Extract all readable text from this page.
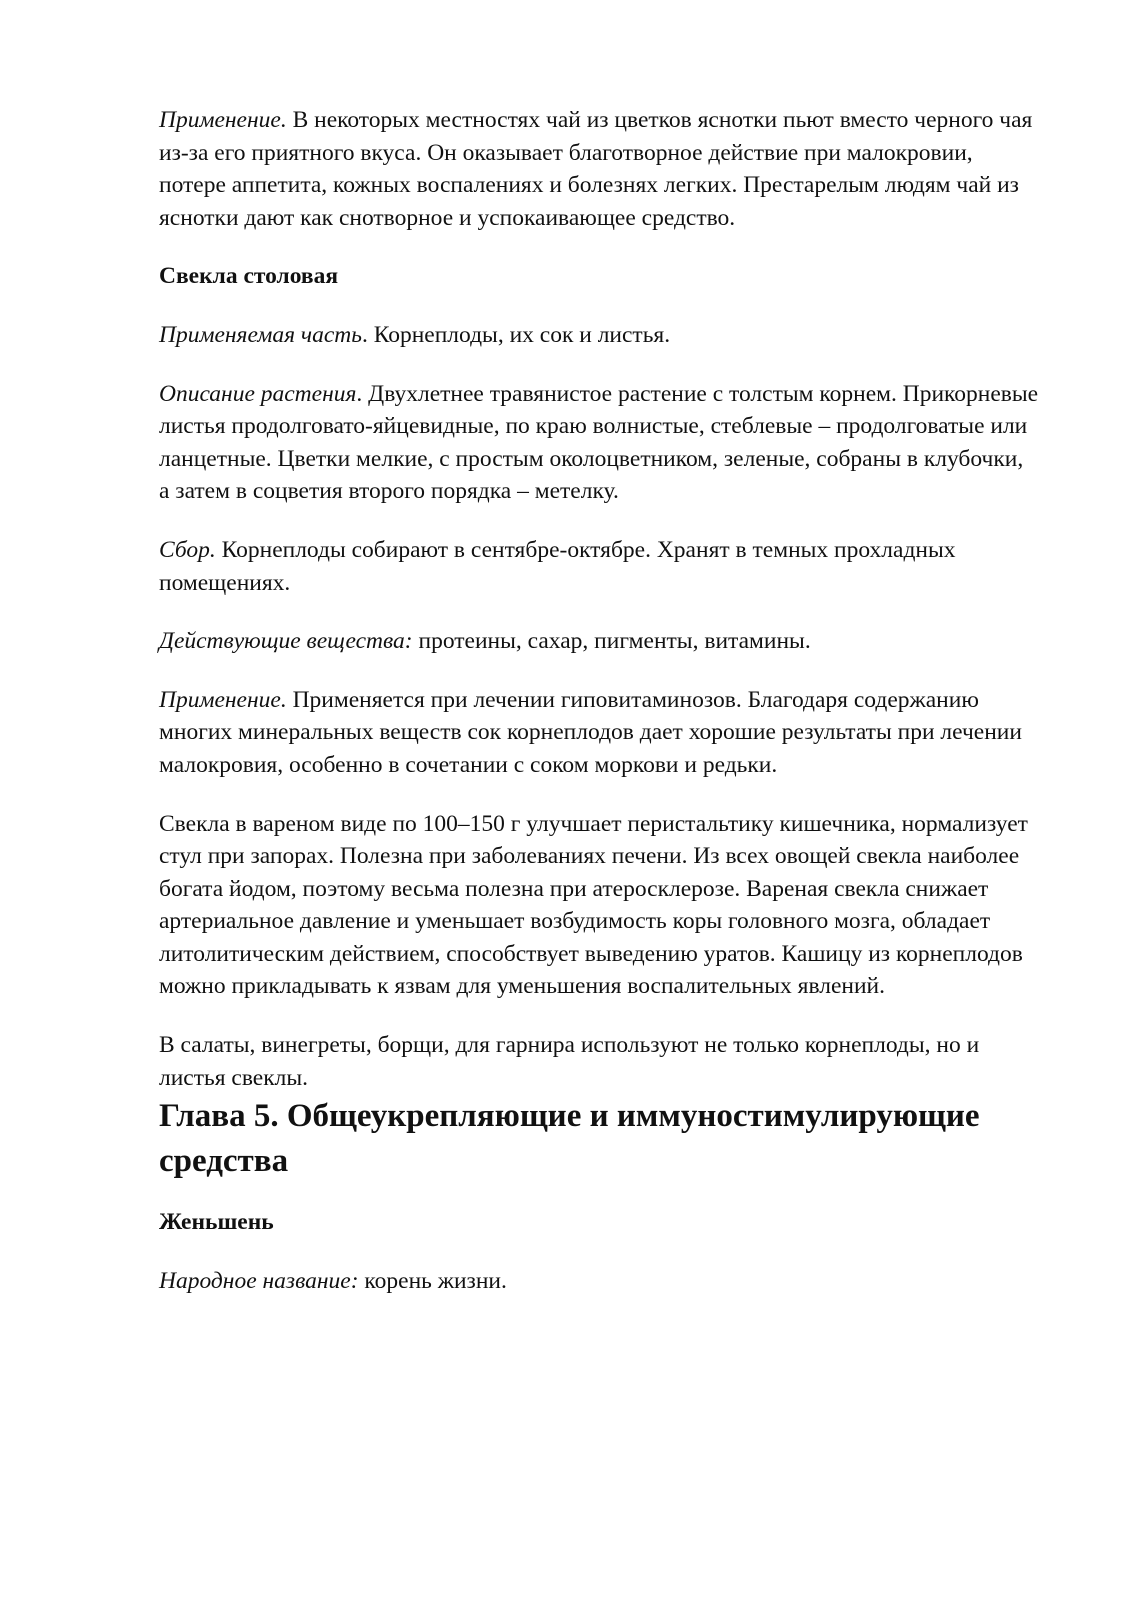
Применение. В некоторых местностях чай из цветков яснотки пьют вместо черного чая из-за его приятного вкуса. Он оказывает благотворное действие при малокровии, потере аппетита, кожных воспалениях и болезнях легких. Престарелым людям чай из яснотки дают как снотворное и успокаивающее средство.

Свекла столовая

Применяемая часть. Корнеплоды, их сок и листья.

Описание растения. Двухлетнее травянистое растение с толстым корнем. Прикорневые листья продолговато-яйцевидные, по краю волнистые, стеблевые – продолговатые или ланцетные. Цветки мелкие, с простым околоцветником, зеленые, собраны в клубочки, а затем в соцветия второго порядка – метелку.

Сбор. Корнеплоды собирают в сентябре-октябре. Хранят в темных прохладных помещениях.

Действующие вещества: протеины, сахар, пигменты, витамины.

Применение. Применяется при лечении гиповитаминозов. Благодаря содержанию многих минеральных веществ сок корнеплодов дает хорошие результаты при лечении малокровия, особенно в сочетании с соком моркови и редьки.

Свекла в вареном виде по 100–150 г улучшает перистальтику кишечника, нормализует стул при запорах. Полезна при заболеваниях печени. Из всех овощей свекла наиболее богата йодом, поэтому весьма полезна при атеросклерозе. Вареная свекла снижает артериальное давление и уменьшает возбудимость коры головного мозга, обладает литолитическим действием, способствует выведению уратов. Кашицу из корнеплодов можно прикладывать к язвам для уменьшения воспалительных явлений.

В салаты, винегреты, борщи, для гарнира используют не только корнеплоды, но и листья свеклы.

Глава 5. Общеукрепляющие и иммуностимулирующие средства

Женьшень

Народное название: корень жизни.
